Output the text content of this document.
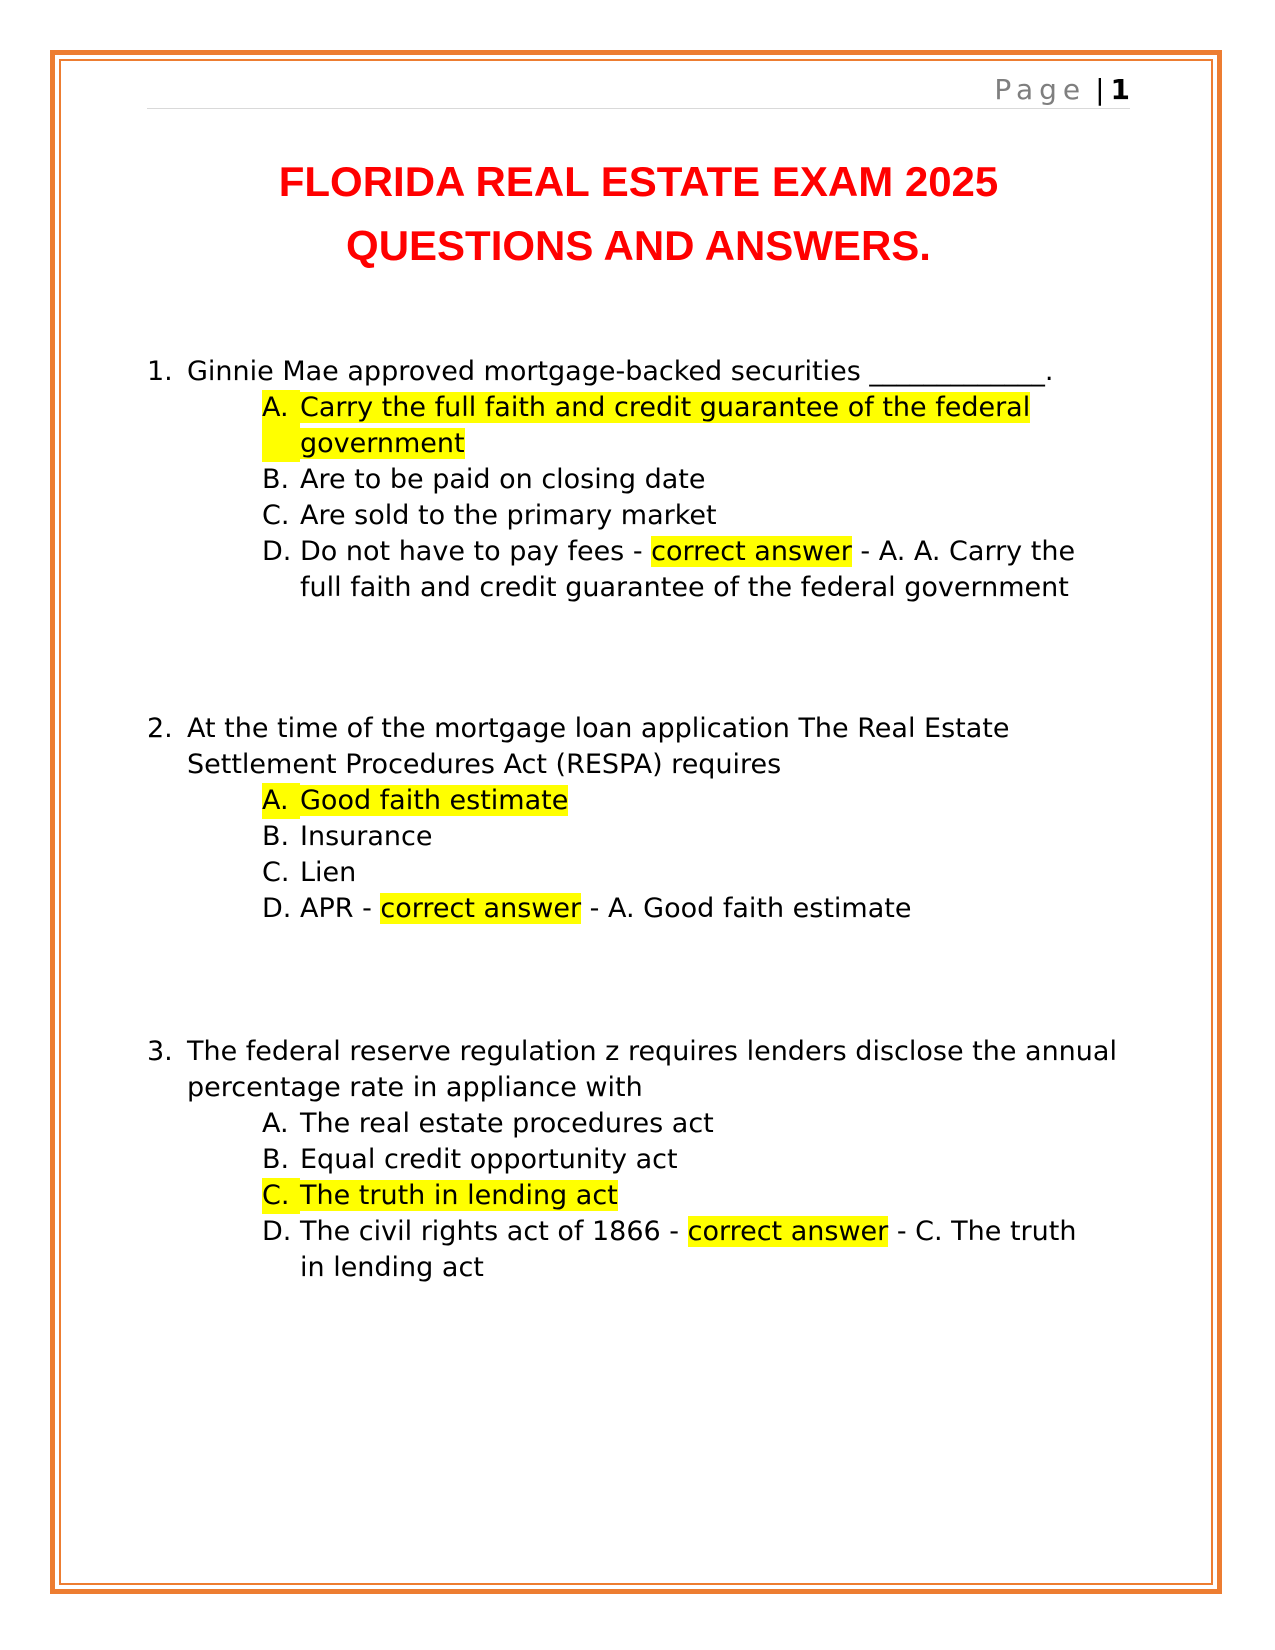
Page | 1
FLORIDA REAL ESTATE EXAM 2025
QUESTIONS AND ANSWERS.
1. Ginnie Mae approved mortgage-backed securities _____________.
A. Carry the full faith and credit guarantee of the federal government
B. Are to be paid on closing date
C. Are sold to the primary market
D. Do not have to pay fees - correct answer - A. A. Carry the full faith and credit guarantee of the federal government
2. At the time of the mortgage loan application The Real Estate Settlement Procedures Act (RESPA) requires
A. Good faith estimate
B. Insurance
C. Lien
D. APR - correct answer - A. Good faith estimate
3. The federal reserve regulation z requires lenders disclose the annual percentage rate in appliance with
A. The real estate procedures act
B. Equal credit opportunity act
C. The truth in lending act
D. The civil rights act of 1866 - correct answer - C. The truth in lending act
